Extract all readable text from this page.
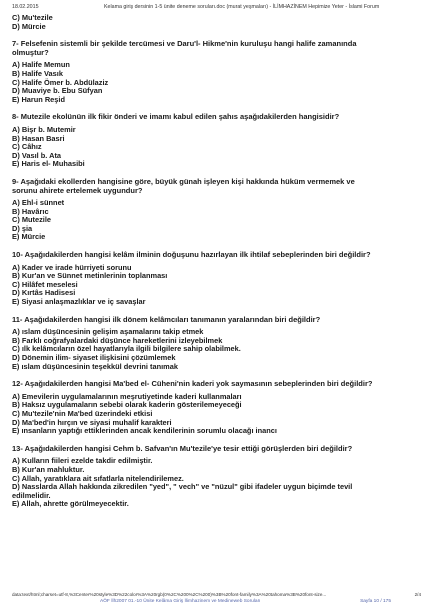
18.02.2015	Kelama giriş dersinin 1-5 ünite deneme soruları.doc (murat yeşmaları) - İLİMHAZİNEM Hepimize Yeter - İslami Forum
C) Mu'tezile
D) Mürcie
7- Felsefenin sistemli bir şekilde tercümesi ve Daru'l- Hikme'nin kuruluşu hangi halife zamanında
olmuştur?
A) Halife Memun
B) Halife Vasık
C) Halife Ömer b. Abdülaziz
D) Muaviye b. Ebu Süfyan
E) Harun Reşid
8- Mutezile ekolünün ilk fikir önderi ve imamı kabul edilen şahıs aşağıdakilerden hangisidir?
A) Bişr b. Mutemir
B) Hasan Basri
C) Câhız
D) Vasıl b. Ata
E) Haris el- Muhasibi
9- Aşağıdaki ekollerden hangisine göre, büyük günah işleyen kişi hakkında hüküm vermemek ve
sorunu ahirete ertelemek uygundur?
A) Ehl-i sünnet
B) Havârıc
C) Mutezile
D) şia
E) Mürcie
10- Aşağıdakilerden hangisi kelâm ilminin doğuşunu hazırlayan ilk ihtilaf sebeplerinden biri değildir?
A) Kader ve irade hürriyeti sorunu
B) Kur'an ve Sünnet metinlerinin toplanması
C) Hilâfet meselesi
D) Kırtâs Hadisesi
E) Siyasi anlaşmazlıklar ve iç savaşlar
11- Aşağıdakilerden hangisi ilk dönem kelâmcıları tanımanın yaralarından biri değildir?
A) ıslam düşüncesinin gelişim aşamalarını takip etmek
B) Farklı coğrafyalardaki düşünce hareketlerini izleyebilmek
C) ılk kelâmcıların özel hayatlarıyla ilgili bilgilere sahip olabilmek.
D) Dönemin ilim- siyaset ilişkisini çözümlemek
E) ıslam düşüncesinin teşekkül devrini tanımak
12- Aşağıdakilerden hangisi Ma'bed el- Cüheni'nin kaderi yok saymasının sebeplerinden biri değildir?
A) Emevilerin uygulamalarının meşrutiyetinde kaderi kullanmaları
B) Haksız uygulamaların sebebi olarak kaderin gösterilemeyeceği
C) Mu'tezile'nin Ma'bed üzerindeki etkisi
D) Ma'bed'in hırçın ve siyasi muhalif karakteri
E) ınsanların yaptığı ettiklerinden ancak kendilerinin sorumlu olacağı inancı
13- Aşağıdakilerden hangisi Cehm b. Safvan'ın Mu'tezile'ye tesir ettiği görüşlerden biri değildir?
A) Kulların fiileri ezelde takdir edilmiştir.
B) Kur'an mahluktur.
C) Allah, yaratıklara ait sıfatlarla nitelendirilemez.
D) Nasslarda Allah hakkında zikredilen "yed", " vech" ve "nüzul" gibi ifadeler uygun biçimde tevil
edilmelidir.
E) Allah, ahrette görülmeyecektir.
data:text/html;charset=utf-8,%3Center%20style%3D%22color%3A%20rgb(0%2C%200%2C%200)%3B%20font-family%3A%20tahoma%3B%20font-size...	2/4
AÖF İlh2007 01.-10 Ünite Kelâma Giriş İlimhazinem ve Medineweb Soruları	Sayfa 10 / 175
